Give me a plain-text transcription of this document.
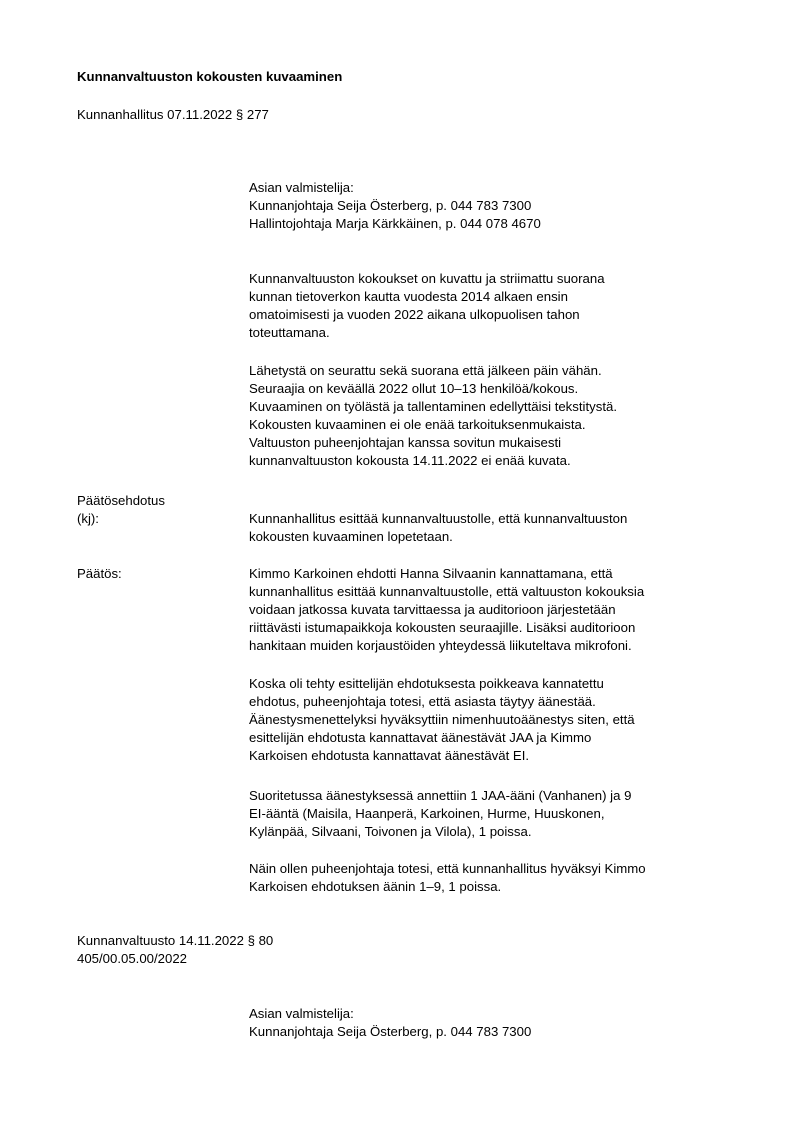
Kunnanvaltuuston kokousten kuvaaminen
Kunnanhallitus 07.11.2022 § 277
Asian valmistelija:
Kunnanjohtaja Seija Österberg, p. 044 783 7300
Hallintojohtaja Marja Kärkkäinen, p. 044 078 4670
Kunnanvaltuuston kokoukset on kuvattu ja striimattu suorana
kunnan tietoverkon kautta vuodesta 2014 alkaen ensin
omatoimisesti ja vuoden 2022 aikana ulkopuolisen tahon
toteuttamana.
Lähetystä on seurattu sekä suorana että jälkeen päin vähän.
Seuraajia on keväällä 2022 ollut 10–13 henkilöä/kokous.
Kuvaaminen on työlästä ja tallentaminen edellyttäisi tekstitystä.
Kokousten kuvaaminen ei ole enää tarkoituksenmukaista.
Valtuuston puheenjohtajan kanssa sovitun mukaisesti
kunnanvaltuuston kokousta 14.11.2022 ei enää kuvata.
Päätösehdotus
(kj):	Kunnanhallitus esittää kunnanvaltuustolle, että kunnanvaltuuston
kokousten kuvaaminen lopetetaan.
Päätös:	Kimmo Karkoinen ehdotti Hanna Silvaanin kannattamana, että
kunnanhallitus esittää kunnanvaltuustolle, että valtuuston kokouksia
voidaan jatkossa kuvata tarvittaessa ja auditorioon järjestetään
riittävästi istumapaikkoja kokousten seuraajille. Lisäksi auditorioon
hankitaan muiden korjaustöiden yhteydessä liikuteltava mikrofoni.
Koska oli tehty esittelijän ehdotuksesta poikkeava kannatettu
ehdotus, puheenjohtaja totesi, että asiasta täytyy äänestää.
Äänestysmenettelyksi hyväksyttiin nimenhuutoäänestys siten, että
esittelijän ehdotusta kannattavat äänestävät JAA ja Kimmo
Karkoisen ehdotusta kannattavat äänestävät EI.
Suoritetussa äänestyksessä annettiin 1 JAA-ääni (Vanhanen) ja 9
EI-ääntä (Maisila, Haanperä, Karkoinen, Hurme, Huuskonen,
Kylänpää, Silvaani, Toivonen ja Vilola), 1 poissa.
Näin ollen puheenjohtaja totesi, että kunnanhallitus hyväksyi Kimmo
Karkoisen ehdotuksen äänin 1–9, 1 poissa.
Kunnanvaltuusto 14.11.2022 § 80
405/00.05.00/2022
Asian valmistelija:
Kunnanjohtaja Seija Österberg, p. 044 783 7300
